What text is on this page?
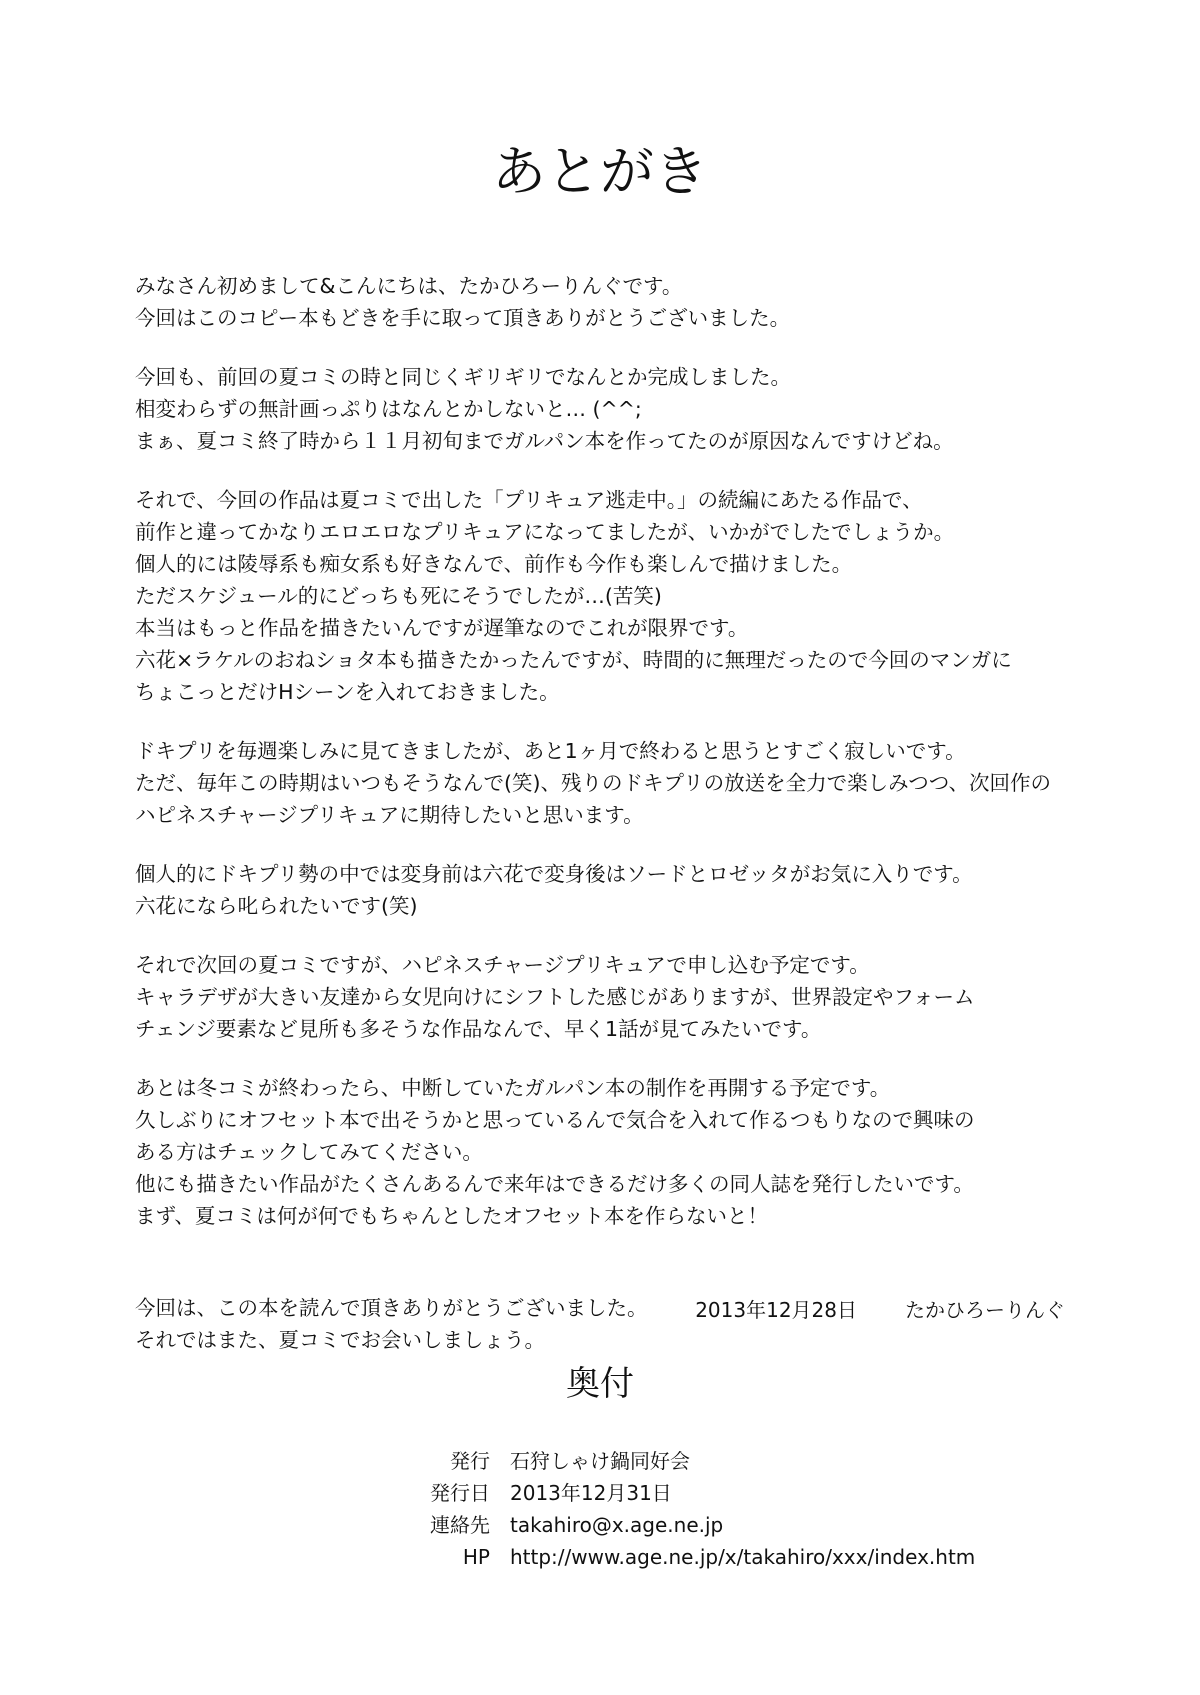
あとがき
みなさん初めまして&こんにちは、たかひろーりんぐです。
今回はこのコピー本もどきを手に取って頂きありがとうございました。
今回も、前回の夏コミの時と同じくギリギリでなんとか完成しました。
相変わらずの無計画っぷりはなんとかしないと… (^^;
まぁ、夏コミ終了時から１１月初旬までガルパン本を作ってたのが原因なんですけどね。
それで、今回の作品は夏コミで出した「プリキュア逃走中。」の続編にあたる作品で、
前作と違ってかなりエロエロなプリキュアになってましたが、いかがでしたでしょうか。
個人的には陵辱系も痴女系も好きなんで、前作も今作も楽しんで描けました。
ただスケジュール的にどっちも死にそうでしたが…(苦笑)
本当はもっと作品を描きたいんですが遅筆なのでこれが限界です。
六花×ラケルのおねショタ本も描きたかったんですが、時間的に無理だったので今回のマンガに
ちょこっとだけHシーンを入れておきました。
ドキプリを毎週楽しみに見てきましたが、あと1ヶ月で終わると思うとすごく寂しいです。
ただ、毎年この時期はいつもそうなんで(笑)、残りのドキプリの放送を全力で楽しみつつ、次回作の
ハピネスチャージプリキュアに期待したいと思います。
個人的にドキプリ勢の中では変身前は六花で変身後はソードとロゼッタがお気に入りです。
六花になら叱られたいです(笑)
それで次回の夏コミですが、ハピネスチャージプリキュアで申し込む予定です。
キャラデザが大きい友達から女児向けにシフトした感じがありますが、世界設定やフォーム
チェンジ要素など見所も多そうな作品なんで、早く1話が見てみたいです。
あとは冬コミが終わったら、中断していたガルパン本の制作を再開する予定です。
久しぶりにオフセット本で出そうかと思っているんで気合を入れて作るつもりなので興味の
ある方はチェックしてみてください。
他にも描きたい作品がたくさんあるんで来年はできるだけ多くの同人誌を発行したいです。
まず、夏コミは何が何でもちゃんとしたオフセット本を作らないと！
今回は、この本を読んで頂きありがとうございました。
それではまた、夏コミでお会いしましょう。

2013年12月28日 たかひろーりんぐ

奥付
発行 石狩しゃけ鍋同好会
発行日 2013年12月31日
連絡先 takahiro@x.age.ne.jp
HP http://www.age.ne.jp/x/takahiro/xxx/index.htm
